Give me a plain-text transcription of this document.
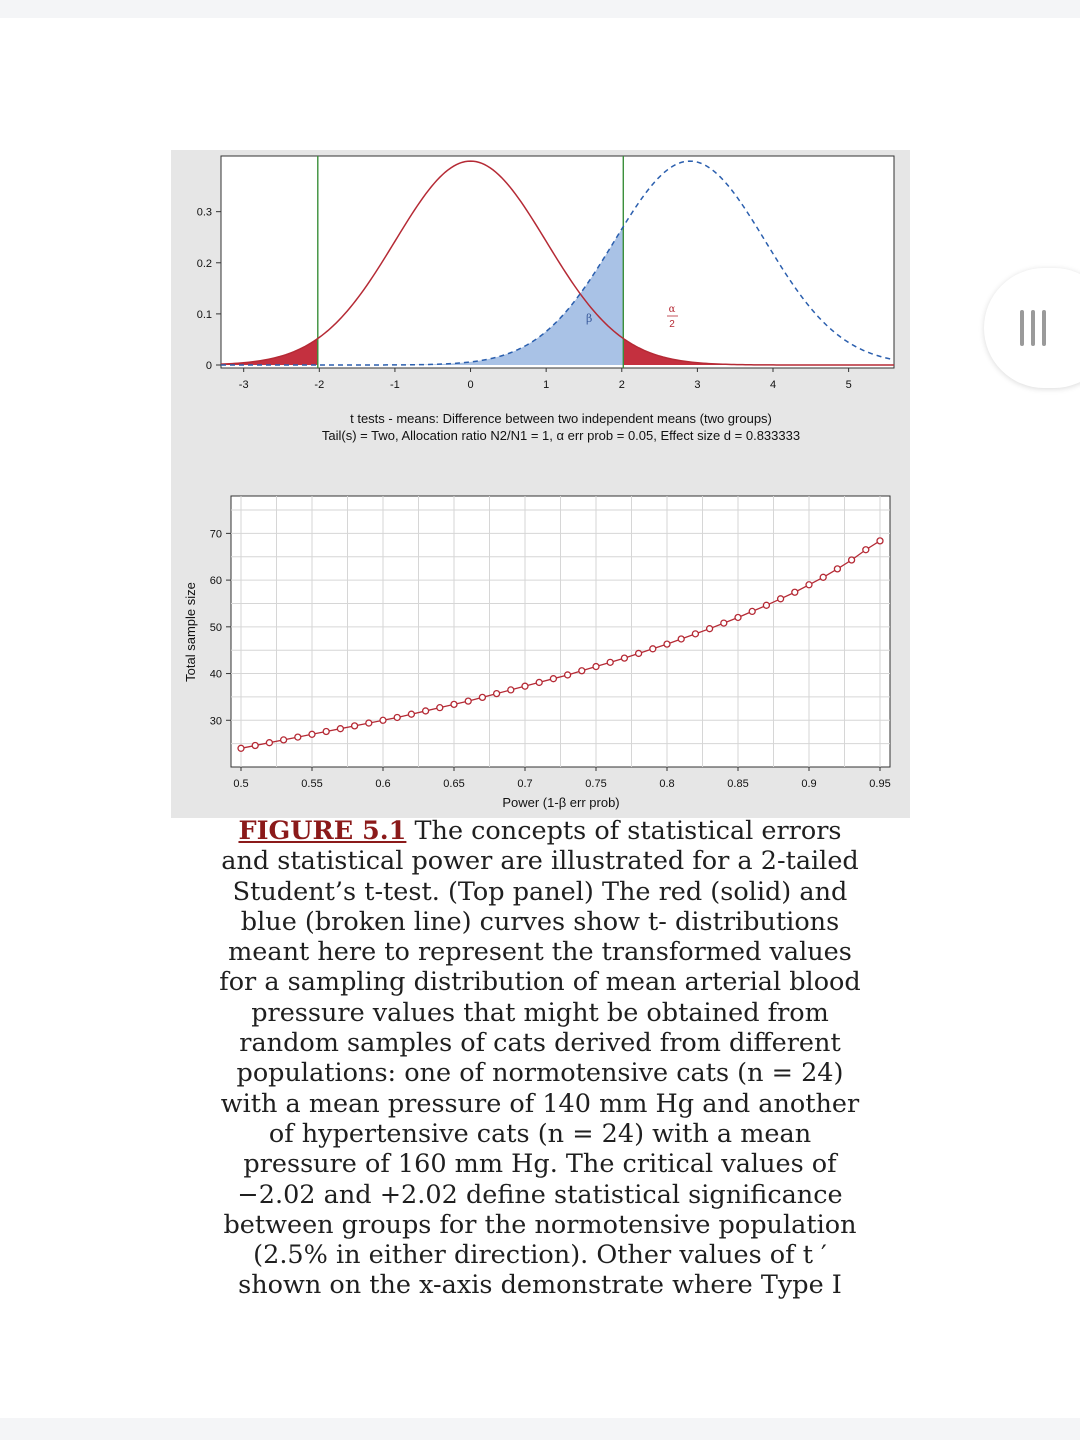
-3	-2	-1	0	1	2	3	4	5
0
0.1
0.2
0.3
β
α
2
t tests - means: Difference between two independent means (two groups)
Tail(s) = Two, Allocation ratio N2/N1 = 1, α err prob = 0.05, Effect size d = 0.833333
0.5	0.55	0.6	0.65	0.7	0.75	0.8	0.85	0.9	0.95
30
40
50
60
70
Power (1-β err prob)
Total sample size
FIGURE 5.1 The concepts of statistical errors and statistical power are illustrated for a 2-tailed Student’s t-test. (Top panel) The red (solid) and blue (broken line) curves show t- distributions meant here to represent the transformed values for a sampling distribution of mean arterial blood pressure values that might be obtained from random samples of cats derived from different populations: one of normotensive cats (n = 24) with a mean pressure of 140 mm Hg and another of hypertensive cats (n = 24) with a mean pressure of 160 mm Hg. The critical values of −2.02 and +2.02 define statistical significance between groups for the normotensive population (2.5% in either direction). Other values of t ′ shown on the x-axis demonstrate where Type I
